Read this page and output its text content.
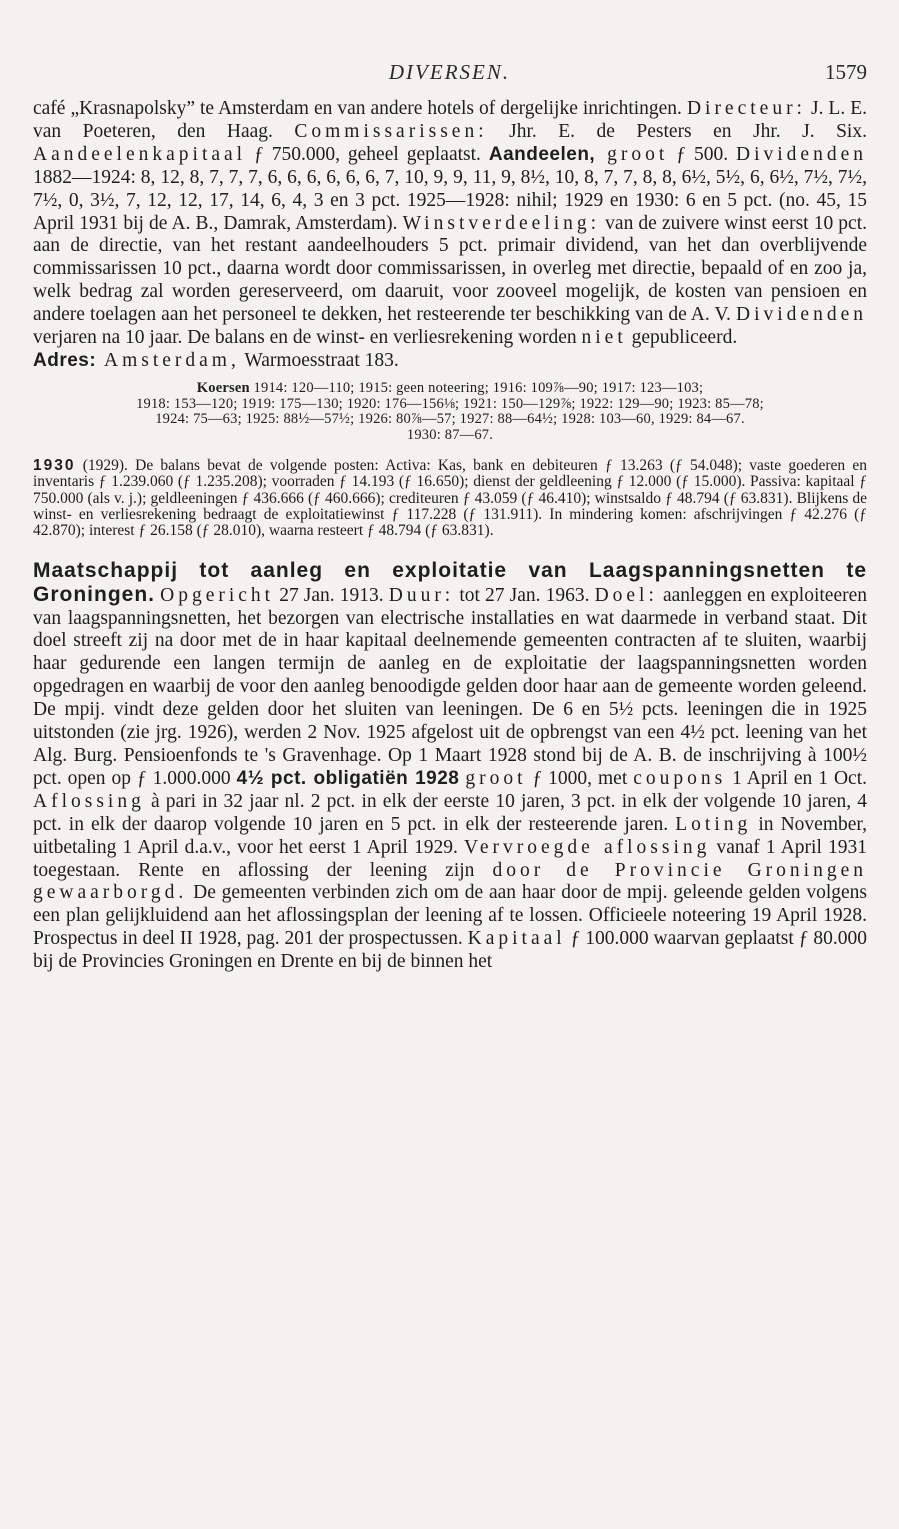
DIVERSEN.	1579

café „Krasnapolsky” te Amsterdam en van andere hotels of dergelijke inrichtingen. Directeur: J. L. E. van Poeteren, den Haag. Commissarissen: Jhr. E. de Pesters en Jhr. J. Six. Aandeelenkapitaal ƒ 750.000, geheel geplaatst. Aandeelen, groot ƒ 500. Dividenden 1882—1924: 8, 12, 8, 7, 7, 7, 6, 6, 6, 6, 6, 6, 7, 10, 9, 9, 11, 9, 8½, 10, 8, 7, 7, 8, 8, 6½, 5½, 6, 6½, 7½, 7½, 7½, 0, 3½, 7, 12, 12, 17, 14, 6, 4, 3 en 3 pct. 1925—1928: nihil; 1929 en 1930: 6 en 5 pct. (no. 45, 15 April 1931 bij de A. B., Damrak, Amsterdam). Winstverdeeling: van de zuivere winst eerst 10 pct. aan de directie, van het restant aandeelhouders 5 pct. primair dividend, van het dan overblijvende commissarissen 10 pct., daarna wordt door commissarissen, in overleg met directie, bepaald of en zoo ja, welk bedrag zal worden gereserveerd, om daaruit, voor zooveel mogelijk, de kosten van pensioen en andere toelagen aan het personeel te dekken, het resteerende ter beschikking van de A. V. Dividenden verjaren na 10 jaar. De balans en de winst- en verliesrekening worden niet gepubliceerd.

Adres: Amsterdam, Warmoesstraat 183.

Koersen 1914: 120—110; 1915: geen noteering; 1916: 109⅞—90; 1917: 123—103;
1918: 153—120; 1919: 175—130; 1920: 176—156⅛; 1921: 150—129⅞; 1922: 129—90; 1923: 85—78;
1924: 75—63; 1925: 88½—57½; 1926: 80⅞—57; 1927: 88—64½; 1928: 103—60, 1929: 84—67.
1930: 87—67.

1930 (1929). De balans bevat de volgende posten: Activa: Kas, bank en debiteuren ƒ 13.263 (ƒ 54.048); vaste goederen en inventaris ƒ 1.239.060 (ƒ 1.235.208); voorraden ƒ 14.193 (ƒ 16.650); dienst der geldleening ƒ 12.000 (ƒ 15.000). Passiva: kapitaal ƒ 750.000 (als v. j.); geldleeningen ƒ 436.666 (ƒ 460.666); crediteuren ƒ 43.059 (ƒ 46.410); winstsaldo ƒ 48.794 (ƒ 63.831). Blijkens de winst- en verliesrekening bedraagt de exploitatiewinst ƒ 117.228 (ƒ 131.911). In mindering komen: afschrijvingen ƒ 42.276 (ƒ 42.870); interest ƒ 26.158 (ƒ 28.010), waarna resteert ƒ 48.794 (ƒ 63.831).

Maatschappij tot aanleg en exploitatie van Laagspanningsnetten te Groningen. Opgericht 27 Jan. 1913. Duur: tot 27 Jan. 1963. Doel: aanleggen en exploiteeren van laagspanningsnetten, het bezorgen van electrische installaties en wat daarmede in verband staat. Dit doel streeft zij na door met de in haar kapitaal deelnemende gemeenten contracten af te sluiten, waarbij haar gedurende een langen termijn de aanleg en de exploitatie der laagspanningsnetten worden opgedragen en waarbij de voor den aanleg benoodigde gelden door haar aan de gemeente worden geleend. De mpij. vindt deze gelden door het sluiten van leeningen. De 6 en 5½ pcts. leeningen die in 1925 uitstonden (zie jrg. 1926), werden 2 Nov. 1925 afgelost uit de opbrengst van een 4½ pct. leening van het Alg. Burg. Pensioenfonds te 's Gravenhage. Op 1 Maart 1928 stond bij de A. B. de inschrijving à 100½ pct. open op ƒ 1.000.000 4½ pct. obligatiën 1928 groot ƒ 1000, met coupons 1 April en 1 Oct. Aflossing à pari in 32 jaar nl. 2 pct. in elk der eerste 10 jaren, 3 pct. in elk der volgende 10 jaren, 4 pct. in elk der daarop volgende 10 jaren en 5 pct. in elk der resteerende jaren. Loting in November, uitbetaling 1 April d.a.v., voor het eerst 1 April 1929. Vervroegde aflossing vanaf 1 April 1931 toegestaan. Rente en aflossing der leening zijn door de Provincie Groningen gewaarborgd. De gemeenten verbinden zich om de aan haar door de mpij. geleende gelden volgens een plan gelijkluidend aan het aflossingsplan der leening af te lossen. Officieele noteering 19 April 1928. Prospectus in deel II 1928, pag. 201 der prospectussen. Kapitaal ƒ 100.000 waarvan geplaatst ƒ 80.000 bij de Provincies Groningen en Drente en bij de binnen het
